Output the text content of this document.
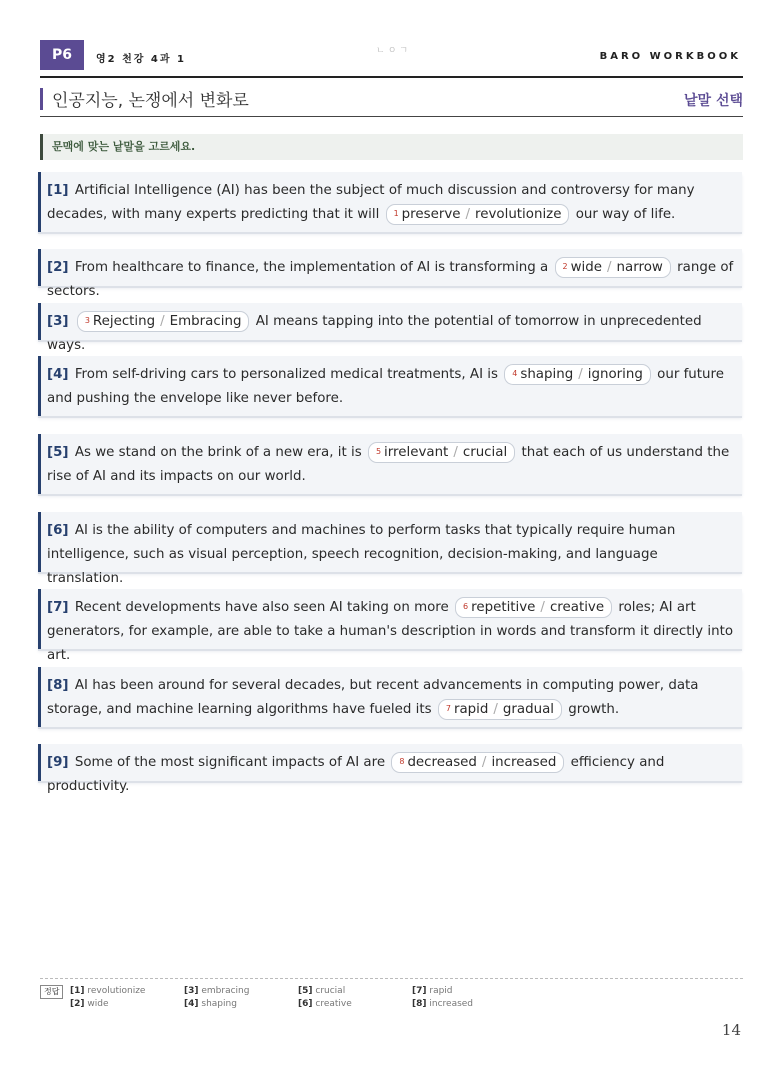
P6	영2 천강 4과 1
ㄴㅇㄱ	BARO WORKBOOK
인공지능, 논쟁에서 변화로	낱말 선택
문맥에 맞는 낱말을 고르세요.
[1] Artificial Intelligence (AI) has been the subject of much discussion and controversy for many decades, with many experts predicting that it will $^1$ preserve / revolutionize our way of life.
[2] From healthcare to finance, the implementation of AI is transforming a $^2$ wide / narrow range of sectors.
[3] $^3$ Rejecting / Embracing AI means tapping into the potential of tomorrow in unprecedented ways.
[4] From self-driving cars to personalized medical treatments, AI is $^4$ shaping / ignoring our future and pushing the envelope like never before.
[5] As we stand on the brink of a new era, it is $^5$ irrelevant / crucial that each of us understand the rise of AI and its impacts on our world.
[6] AI is the ability of computers and machines to perform tasks that typically require human intelligence, such as visual perception, speech recognition, decision-making, and language translation.
[7] Recent developments have also seen AI taking on more $^6$ repetitive / creative roles; AI art generators, for example, are able to take a human's description in words and transform it directly into art.
[8] AI has been around for several decades, but recent advancements in computing power, data storage, and machine learning algorithms have fueled its $^7$ rapid / gradual growth.
[9] Some of the most significant impacts of AI are $^8$ decreased / increased efficiency and productivity.
정답	[1] revolutionize
[2] wide
[3] embracing
[4] shaping
[5] crucial
[6] creative
[7] rapid
[8] increased
14
